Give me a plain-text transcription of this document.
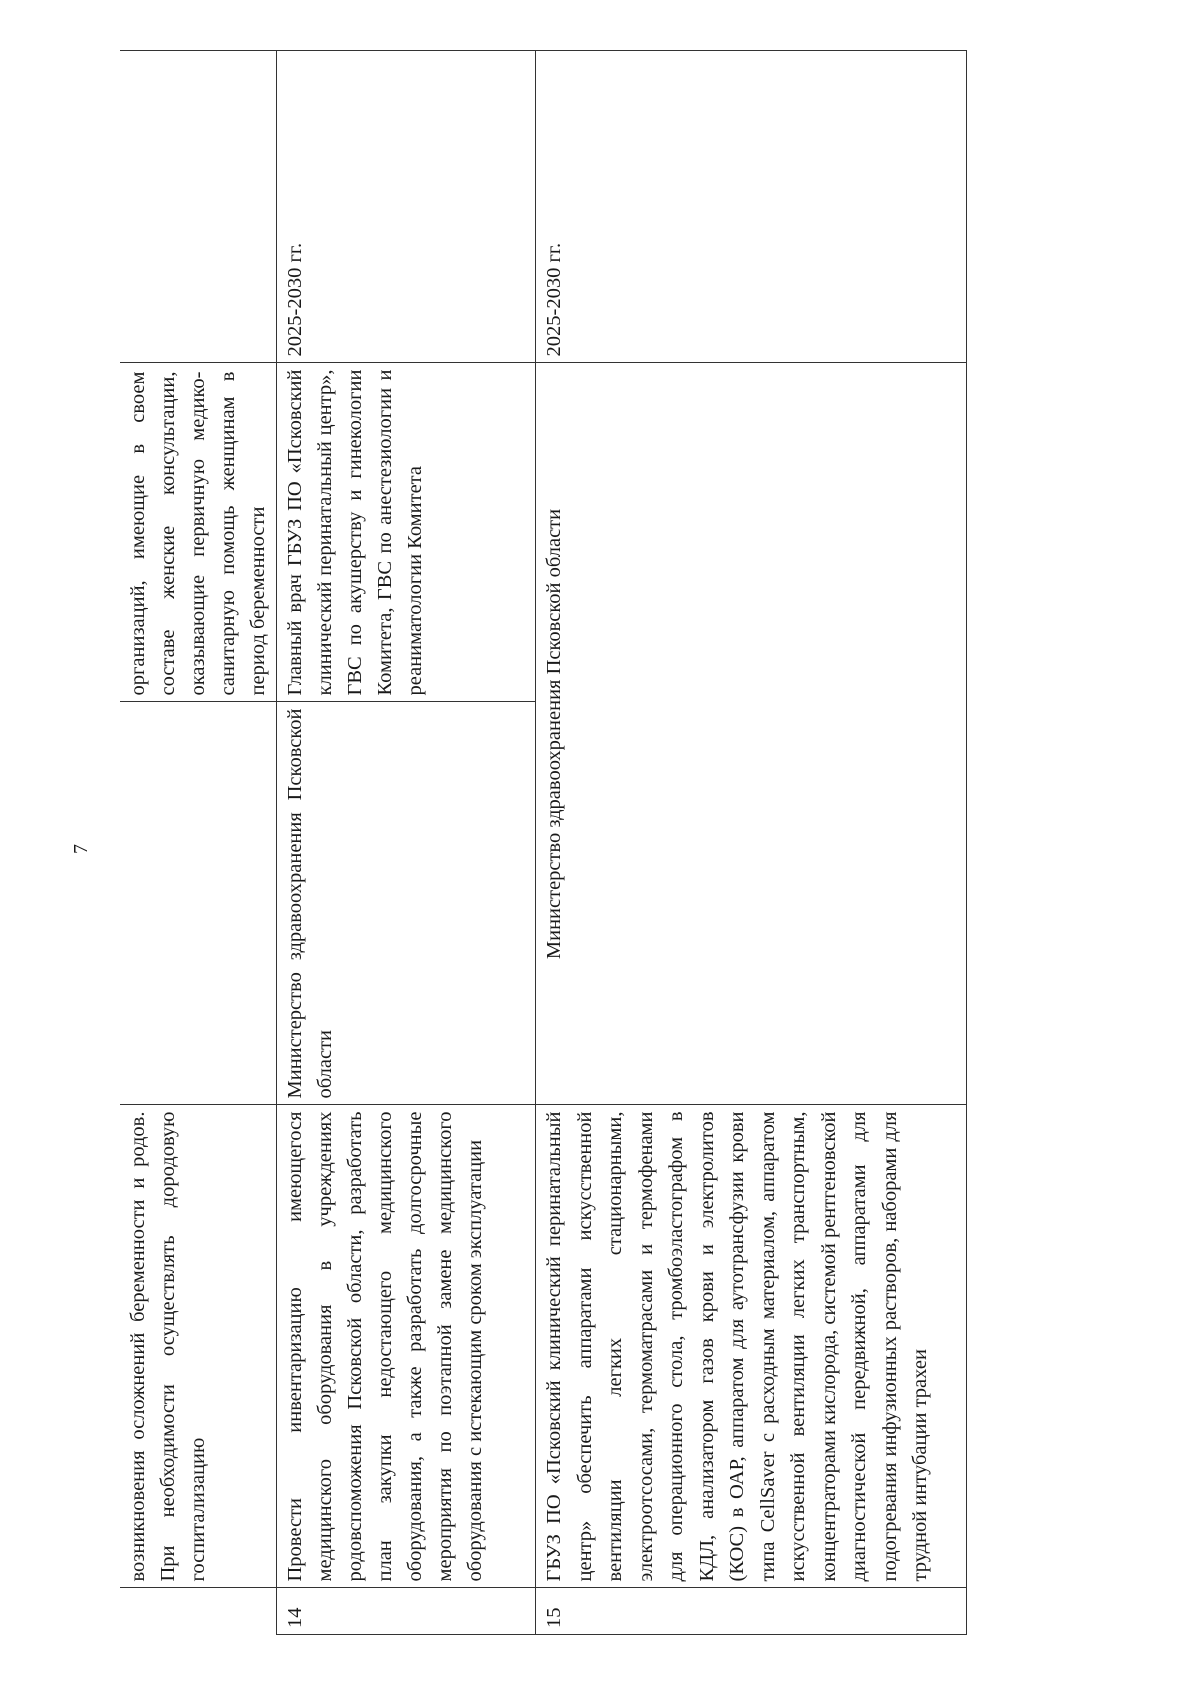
7
	возникновения осложнений беременности и родов. При необходимости осуществлять дородовую госпитализацию		организаций, имеющие в своем составе женские консультации, оказывающие первичную медико-санитарную помощь женщинам в период беременности	
14	Провести инвентаризацию имеющегося медицинского оборудования в учреждениях родовспоможения Псковской области, разработать план закупки недостающего медицинского оборудования, а также разработать долгосрочные мероприятия по поэтапной замене медицинского оборудования с истекающим сроком эксплуатации	Министерство здравоохранения Псковской области	Главный врач ГБУЗ ПО «Псковский клинический перинатальный центр», ГВС по акушерству и гинекологии Комитета, ГВС по анестезиологии и реаниматологии Комитета	2025-2030 гг.
15	ГБУЗ ПО «Псковский клинический перинатальный центр» обеспечить аппаратами искусственной вентиляции легких стационарными, электроотсосами, термоматрасами и термофенами для операционного стола, тромбоэластографом в КДЛ, анализатором газов крови и электролитов (КОС) в ОАР, аппаратом для аутотрансфузии крови типа CellSaver с расходным материалом, аппаратом искусственной вентиляции легких транспортным, концентраторами кислорода, системой рентгеновской диагностической передвижной, аппаратами для подогревания инфузионных растворов, наборами для трудной интубации трахеи	Министерство здравоохранения Псковской области		2025-2030 гг.
